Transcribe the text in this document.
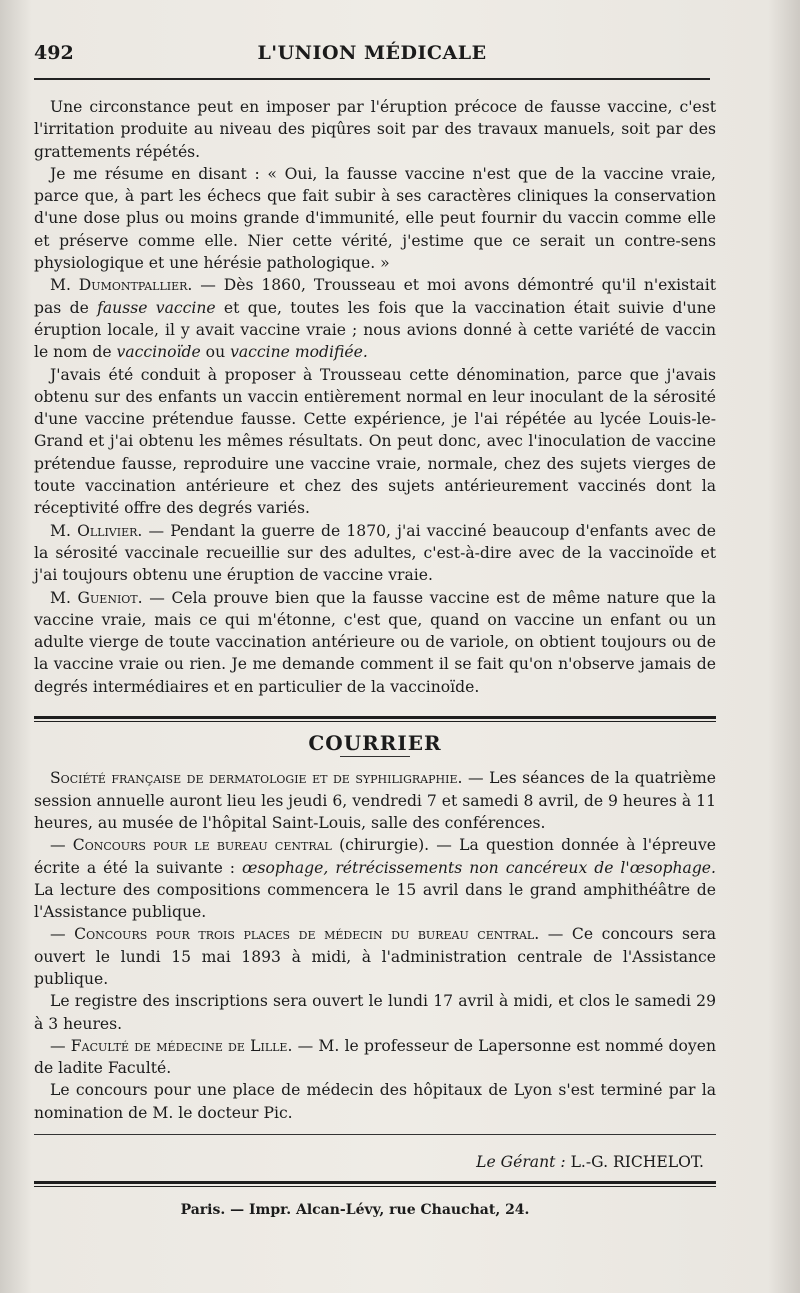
492	L'UNION MÉDICALE

Une circonstance peut en imposer par l'éruption précoce de fausse vaccine, c'est l'irritation produite au niveau des piqûres soit par des travaux manuels, soit par des grattements répétés.

Je me résume en disant : « Oui, la fausse vaccine n'est que de la vaccine vraie, parce que, à part les échecs que fait subir à ses caractères cliniques la conservation d'une dose plus ou moins grande d'immunité, elle peut fournir du vaccin comme elle et préserve comme elle. Nier cette vérité, j'estime que ce serait un contre-sens physiologique et une hérésie pathologique. »

M. Dumontpallier. — Dès 1860, Trousseau et moi avons démontré qu'il n'existait pas de fausse vaccine et que, toutes les fois que la vaccination était suivie d'une éruption locale, il y avait vaccine vraie ; nous avions donné à cette variété de vaccin le nom de vaccinoïde ou vaccine modifiée.

J'avais été conduit à proposer à Trousseau cette dénomination, parce que j'avais obtenu sur des enfants un vaccin entièrement normal en leur inoculant de la sérosité d'une vaccine prétendue fausse. Cette expérience, je l'ai répétée au lycée Louis-le-Grand et j'ai obtenu les mêmes résultats. On peut donc, avec l'inoculation de vaccine prétendue fausse, reproduire une vaccine vraie, normale, chez des sujets vierges de toute vaccination antérieure et chez des sujets antérieurement vaccinés dont la réceptivité offre des degrés variés.

M. Ollivier. — Pendant la guerre de 1870, j'ai vacciné beaucoup d'enfants avec de la sérosité vaccinale recueillie sur des adultes, c'est-à-dire avec de la vaccinoïde et j'ai toujours obtenu une éruption de vaccine vraie.

M. Gueniot. — Cela prouve bien que la fausse vaccine est de même nature que la vaccine vraie, mais ce qui m'étonne, c'est que, quand on vaccine un enfant ou un adulte vierge de toute vaccination antérieure ou de variole, on obtient toujours ou de la vaccine vraie ou rien. Je me demande comment il se fait qu'on n'observe jamais de degrés intermédiaires et en particulier de la vaccinoïde.

COURRIER

Société française de dermatologie et de syphiligraphie. — Les séances de la quatrième session annuelle auront lieu les jeudi 6, vendredi 7 et samedi 8 avril, de 9 heures à 11 heures, au musée de l'hôpital Saint-Louis, salle des conférences.

— Concours pour le bureau central (chirurgie). — La question donnée à l'épreuve écrite a été la suivante : œsophage, rétrécissements non cancéreux de l'œsophage. La lecture des compositions commencera le 15 avril dans le grand amphithéâtre de l'Assistance publique.

— Concours pour trois places de médecin du bureau central. — Ce concours sera ouvert le lundi 15 mai 1893 à midi, à l'administration centrale de l'Assistance publique.

Le registre des inscriptions sera ouvert le lundi 17 avril à midi, et clos le samedi 29 à 3 heures.

— Faculté de médecine de Lille. — M. le professeur de Lapersonne est nommé doyen de ladite Faculté.

Le concours pour une place de médecin des hôpitaux de Lyon s'est terminé par la nomination de M. le docteur Pic.

Le Gérant : L.-G. RICHELOT.
Paris. — Impr. Alcan-Lévy, rue Chauchat, 24.
